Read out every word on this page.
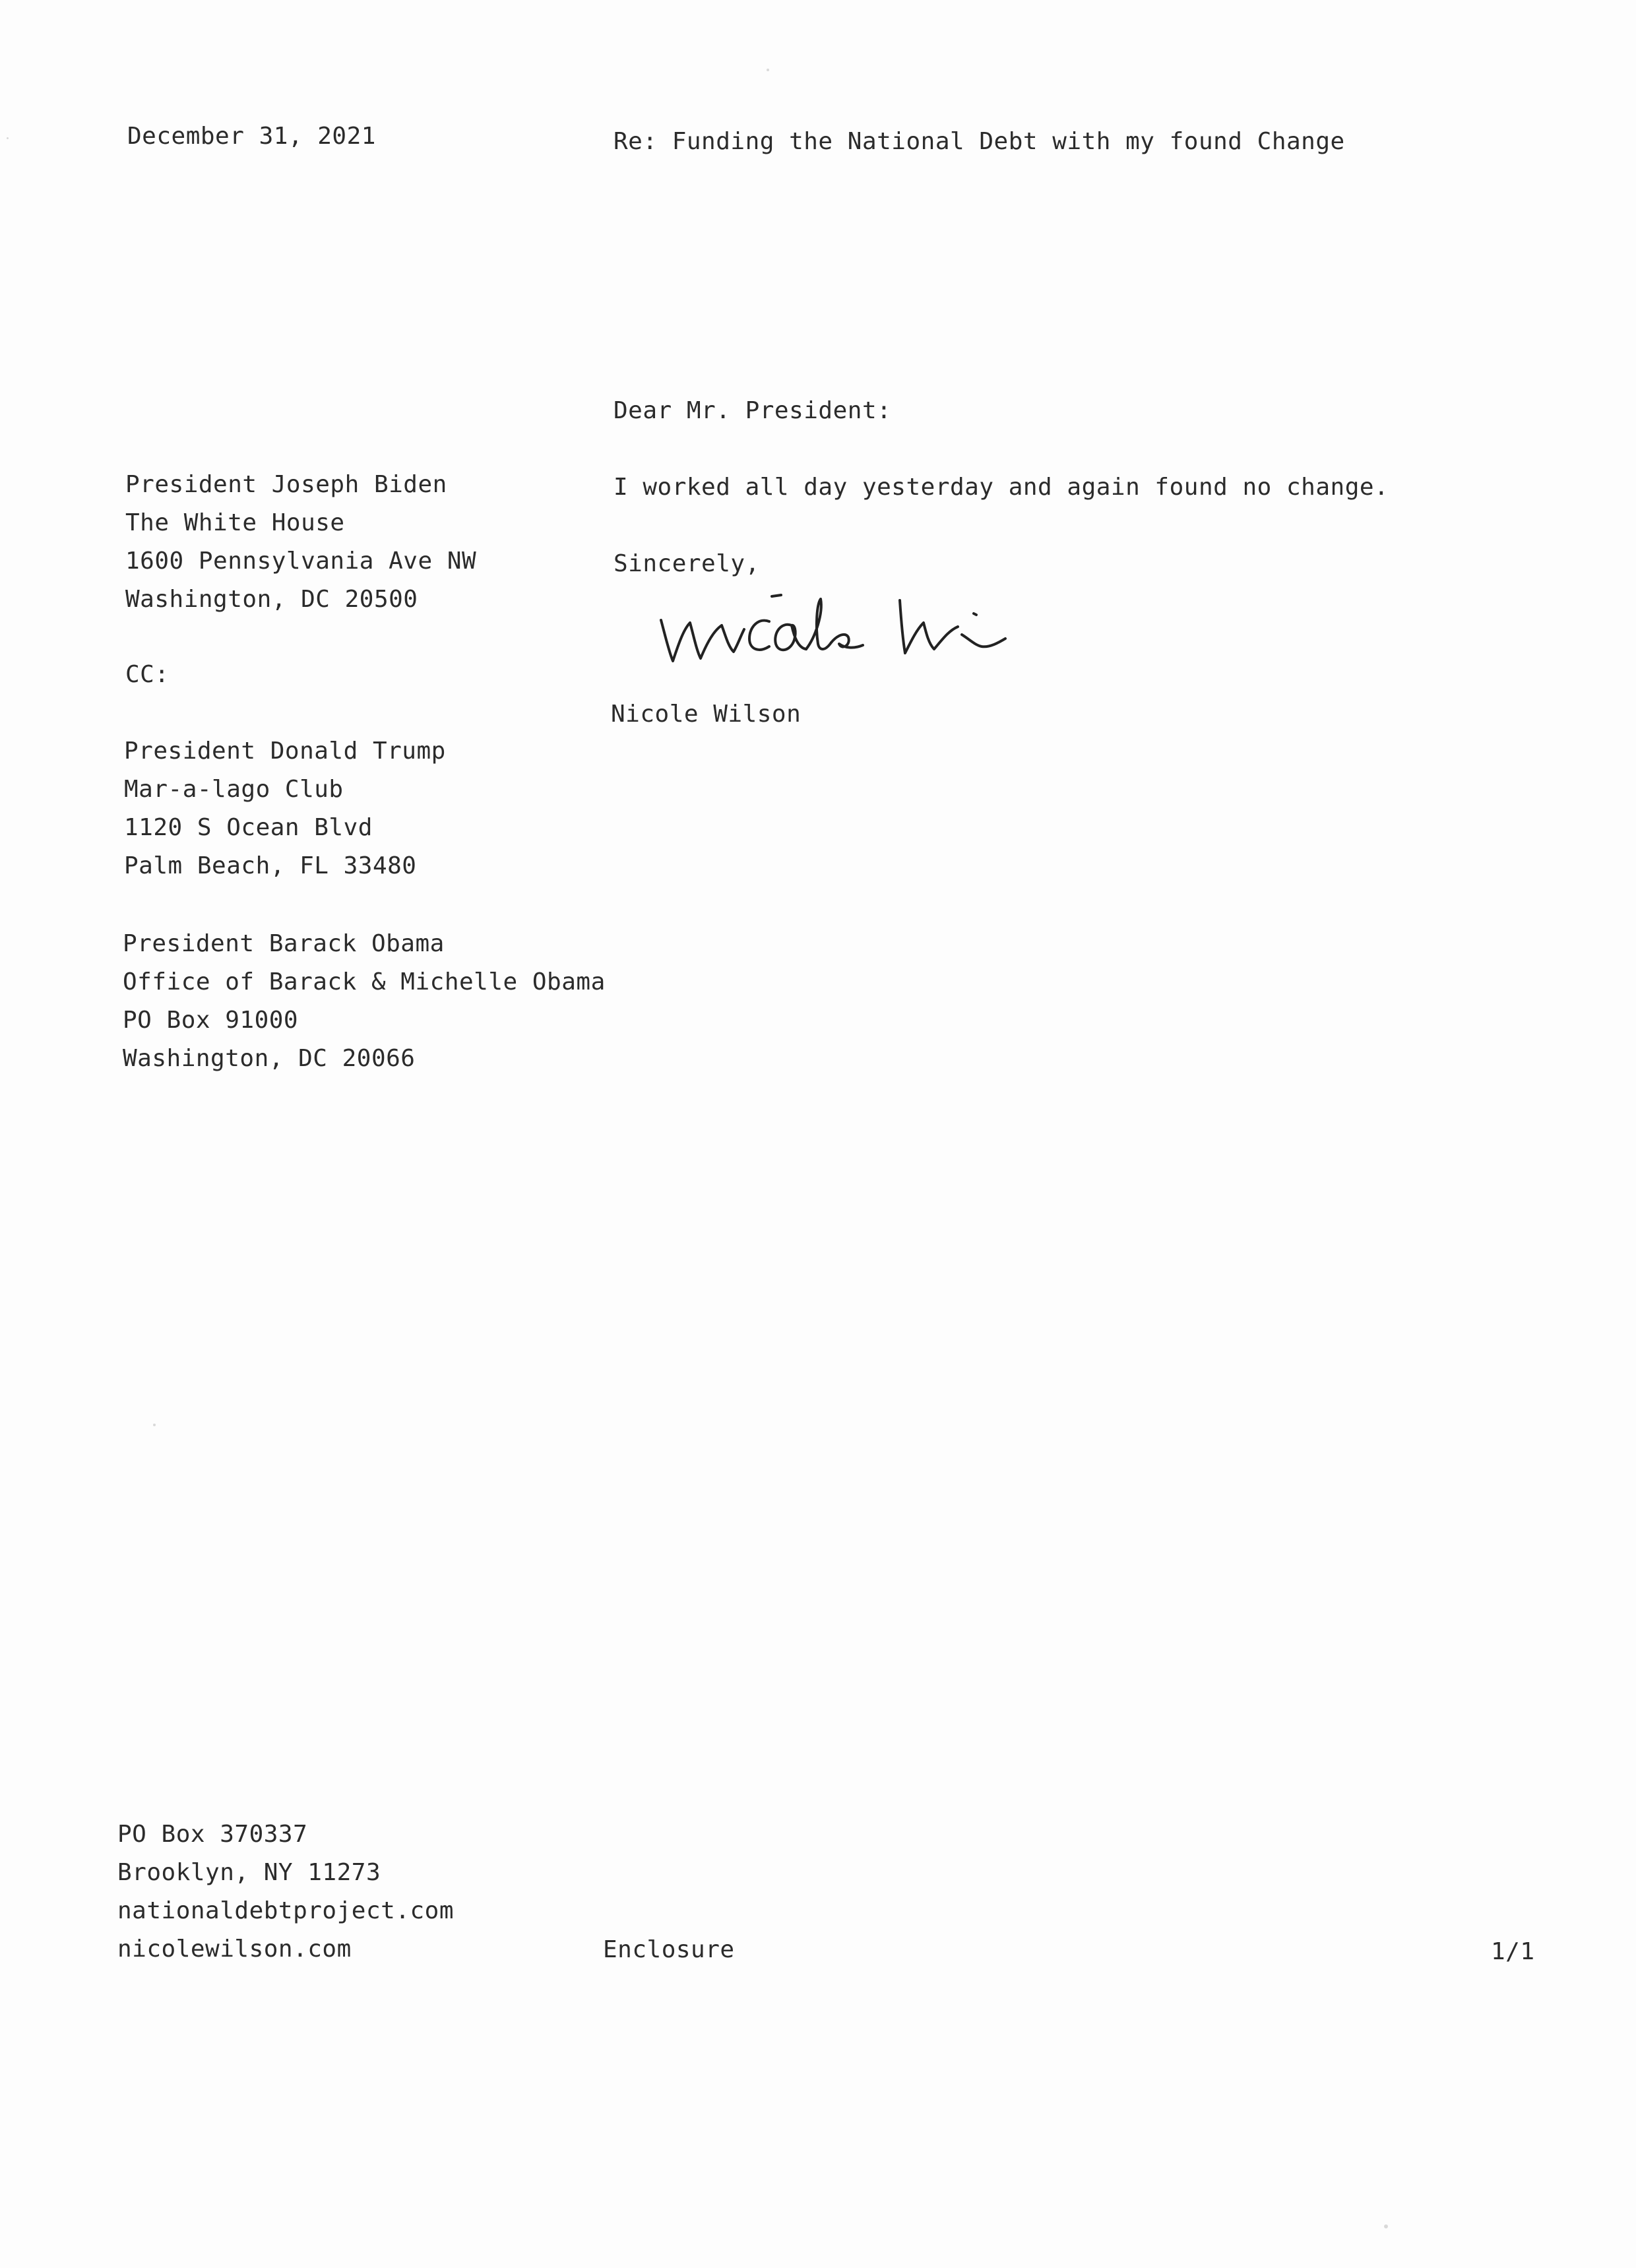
December 31, 2021	Re: Funding the National Debt with my found Change
Dear Mr. President:
President Joseph Biden
The White House
1600 Pennsylvania Ave NW
Washington, DC 20500
I worked all day yesterday and again found no change.
Sincerely,
Nicole Wilson
CC:
President Donald Trump
Mar-a-lago Club
1120 S Ocean Blvd
Palm Beach, FL 33480
President Barack Obama
Office of Barack & Michelle Obama
PO Box 91000
Washington, DC 20066
PO Box 370337
Brooklyn, NY 11273
nationaldebtproject.com
nicolewilson.com	Enclosure	1/1
